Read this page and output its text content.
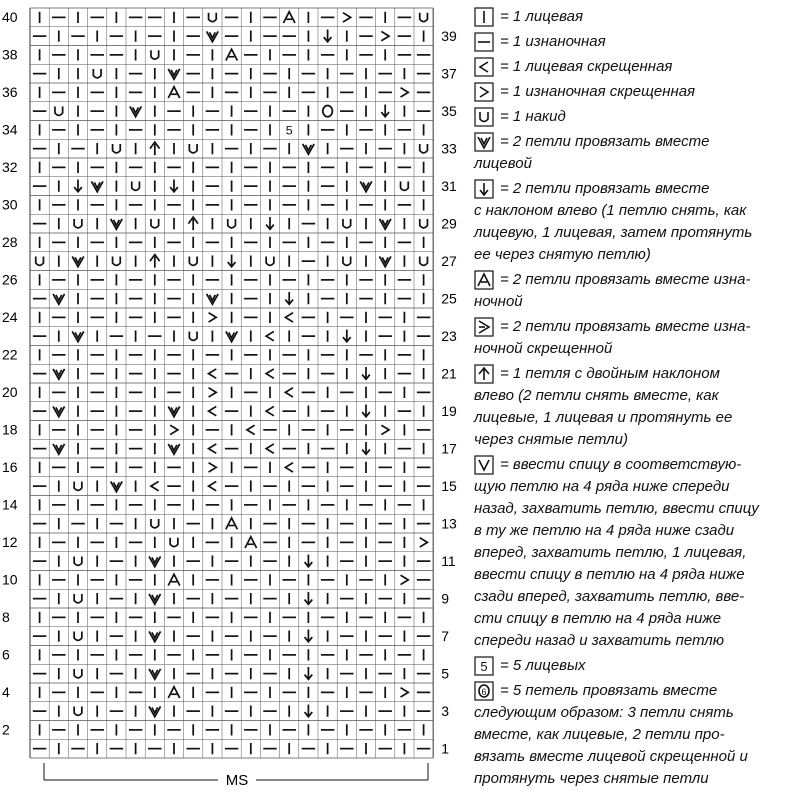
5
40
38
36
34
32
30
28
26
24
22
20
18
16
14
12
10
8
6
4
2
39
37
35
33
31
29
27
25
23
21
19
17
15
13
11
9
7
5
3
1
MS
= 1 лицевая
= 1 изнаночная
= 1 лицевая скрещенная
= 1 изнаночная скрещенная
= 1 накид
= 2 петли провязать вместе
лицевой
= 2 петли провязать вместе
с наклоном влево (1 петлю снять, как
лицевую, 1 лицевая, затем протянуть
ее через снятую петлю)
= 2 петли провязать вместе изна-
ночной
= 2 петли провязать вместе изна-
ночной скрещенной
= 1 петля с двойным наклоном
влево (2 петли снять вместе, как
лицевые, 1 лицевая и протянуть ее
через снятые петли)
= ввести спицу в соответствую-
щую петлю на 4 ряда ниже спереди
назад, захватить петлю, ввести спицу
в ту же петлю на 4 ряда ниже сзади
вперед, захватить петлю, 1 лицевая,
ввести спицу в петлю на 4 ряда ниже
сзади вперед, захватить петлю, вве-
сти спицу в петлю на 4 ряда ниже
спереди назад и захватить петлю
5 = 5 лицевых
6 = 5 петель провязать вместе
следующим образом: 3 петли снять
вместе, как лицевые, 2 петли про-
вязать вместе лицевой скрещенной и
протянуть через снятые петли
